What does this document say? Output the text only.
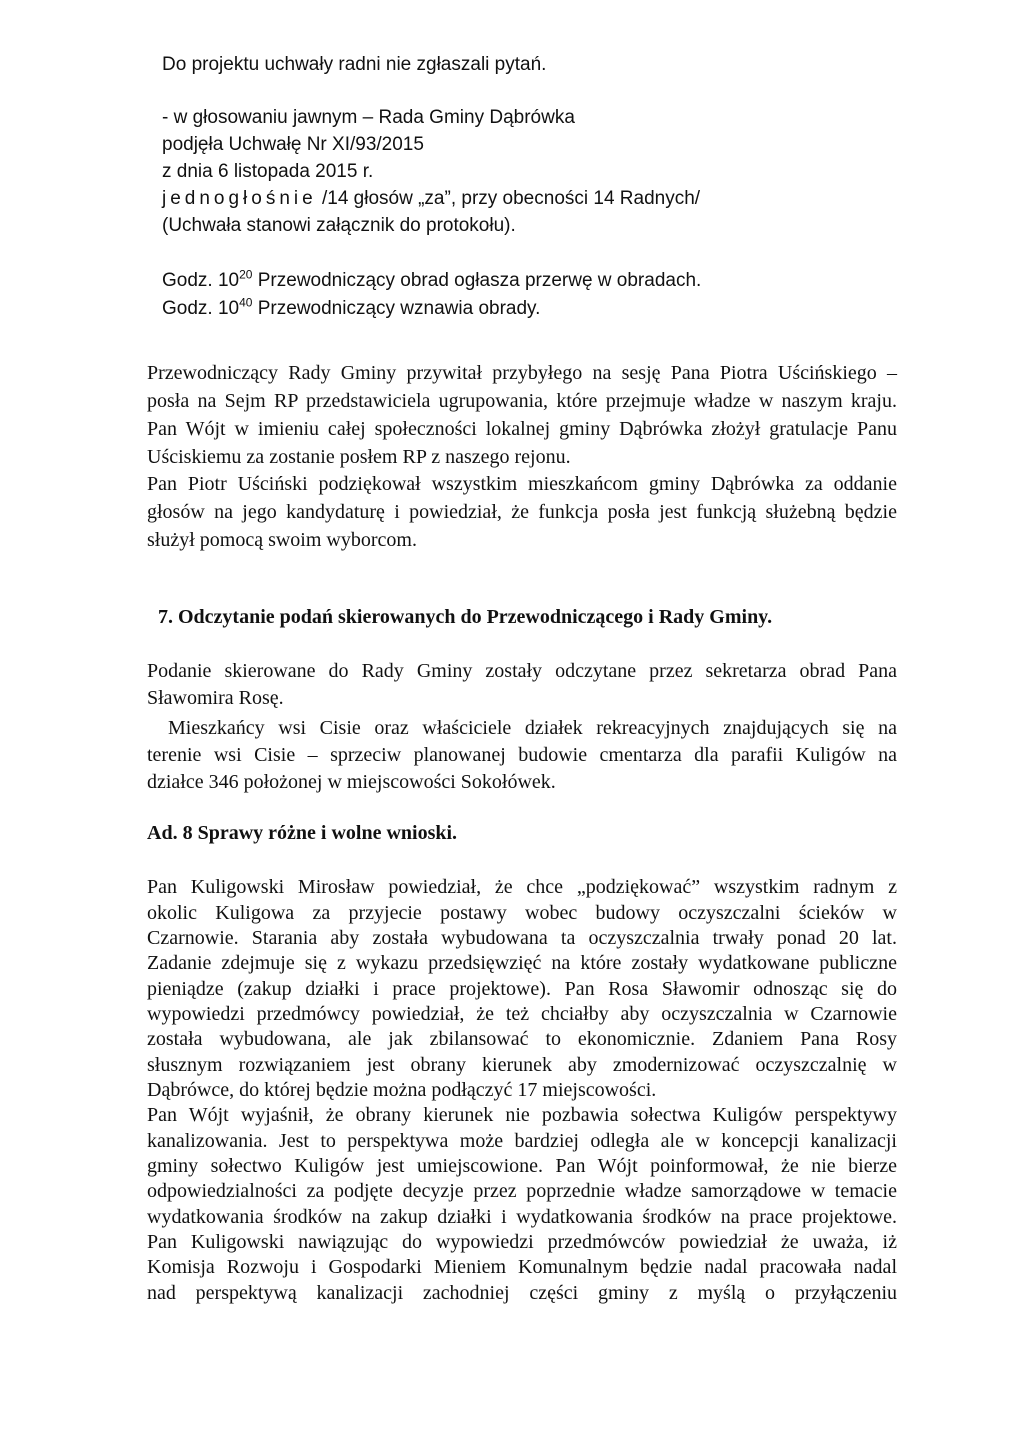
Do projektu uchwały radni nie zgłaszali pytań.
- w głosowaniu jawnym – Rada Gminy Dąbrówka
podjęła Uchwałę Nr XI/93/2015
z dnia 6 listopada 2015 r.
jednogłośnie /14 głosów „za”, przy obecności 14 Radnych/
(Uchwała stanowi załącznik do protokołu).
Godz. $10^{20}$ Przewodniczący obrad ogłasza przerwę w obradach.
Godz. $10^{40}$ Przewodniczący wznawia obrady.
Przewodniczący Rady Gminy przywitał przybyłego na sesję Pana Piotra Uścińskiego –
posła na Sejm RP przedstawiciela ugrupowania, które przejmuje władze w naszym kraju.
Pan Wójt w imieniu całej społeczności lokalnej gminy Dąbrówka złożył gratulacje Panu
Uściskiemu za zostanie posłem RP z naszego rejonu.
Pan Piotr Uściński podziękował wszystkim mieszkańcom gminy Dąbrówka za oddanie
głosów na jego kandydaturę i powiedział, że funkcja posła jest funkcją służebną będzie
służył pomocą swoim wyborcom.
7. Odczytanie podań skierowanych do Przewodniczącego i Rady Gminy.
Podanie skierowane do Rady Gminy zostały odczytane przez sekretarza obrad Pana
Sławomira Rosę.
Mieszkańcy wsi Cisie oraz właściciele działek rekreacyjnych znajdujących się na
terenie wsi Cisie – sprzeciw planowanej budowie cmentarza dla parafii Kuligów na
działce 346 położonej w miejscowości Sokołówek.
Ad. 8 Sprawy różne i wolne wnioski.
Pan Kuligowski Mirosław powiedział, że chce „podziękować” wszystkim radnym z
okolic Kuligowa za przyjecie postawy wobec budowy oczyszczalni ścieków w
Czarnowie. Starania aby została wybudowana ta oczyszczalnia trwały ponad 20 lat.
Zadanie zdejmuje się z wykazu przedsięwzięć na które zostały wydatkowane publiczne
pieniądze (zakup działki i prace projektowe). Pan Rosa Sławomir odnosząc się do
wypowiedzi przedmówcy powiedział, że też chciałby aby oczyszczalnia w Czarnowie
została wybudowana, ale jak zbilansować to ekonomicznie. Zdaniem Pana Rosy
słusznym rozwiązaniem jest obrany kierunek aby zmodernizować oczyszczalnię w
Dąbrówce, do której będzie można podłączyć 17 miejscowości.
Pan Wójt wyjaśnił, że obrany kierunek nie pozbawia sołectwa Kuligów perspektywy
kanalizowania. Jest to perspektywa może bardziej odległa ale w koncepcji kanalizacji
gminy sołectwo Kuligów jest umiejscowione. Pan Wójt poinformował, że nie bierze
odpowiedzialności za podjęte decyzje przez poprzednie władze samorządowe w temacie
wydatkowania środków na zakup działki i wydatkowania środków na prace projektowe.
Pan Kuligowski nawiązując do wypowiedzi przedmówców powiedział że uważa, iż
Komisja Rozwoju i Gospodarki Mieniem Komunalnym będzie nadal pracowała nadal
nad perspektywą kanalizacji zachodniej części gminy z myślą o przyłączeniu
